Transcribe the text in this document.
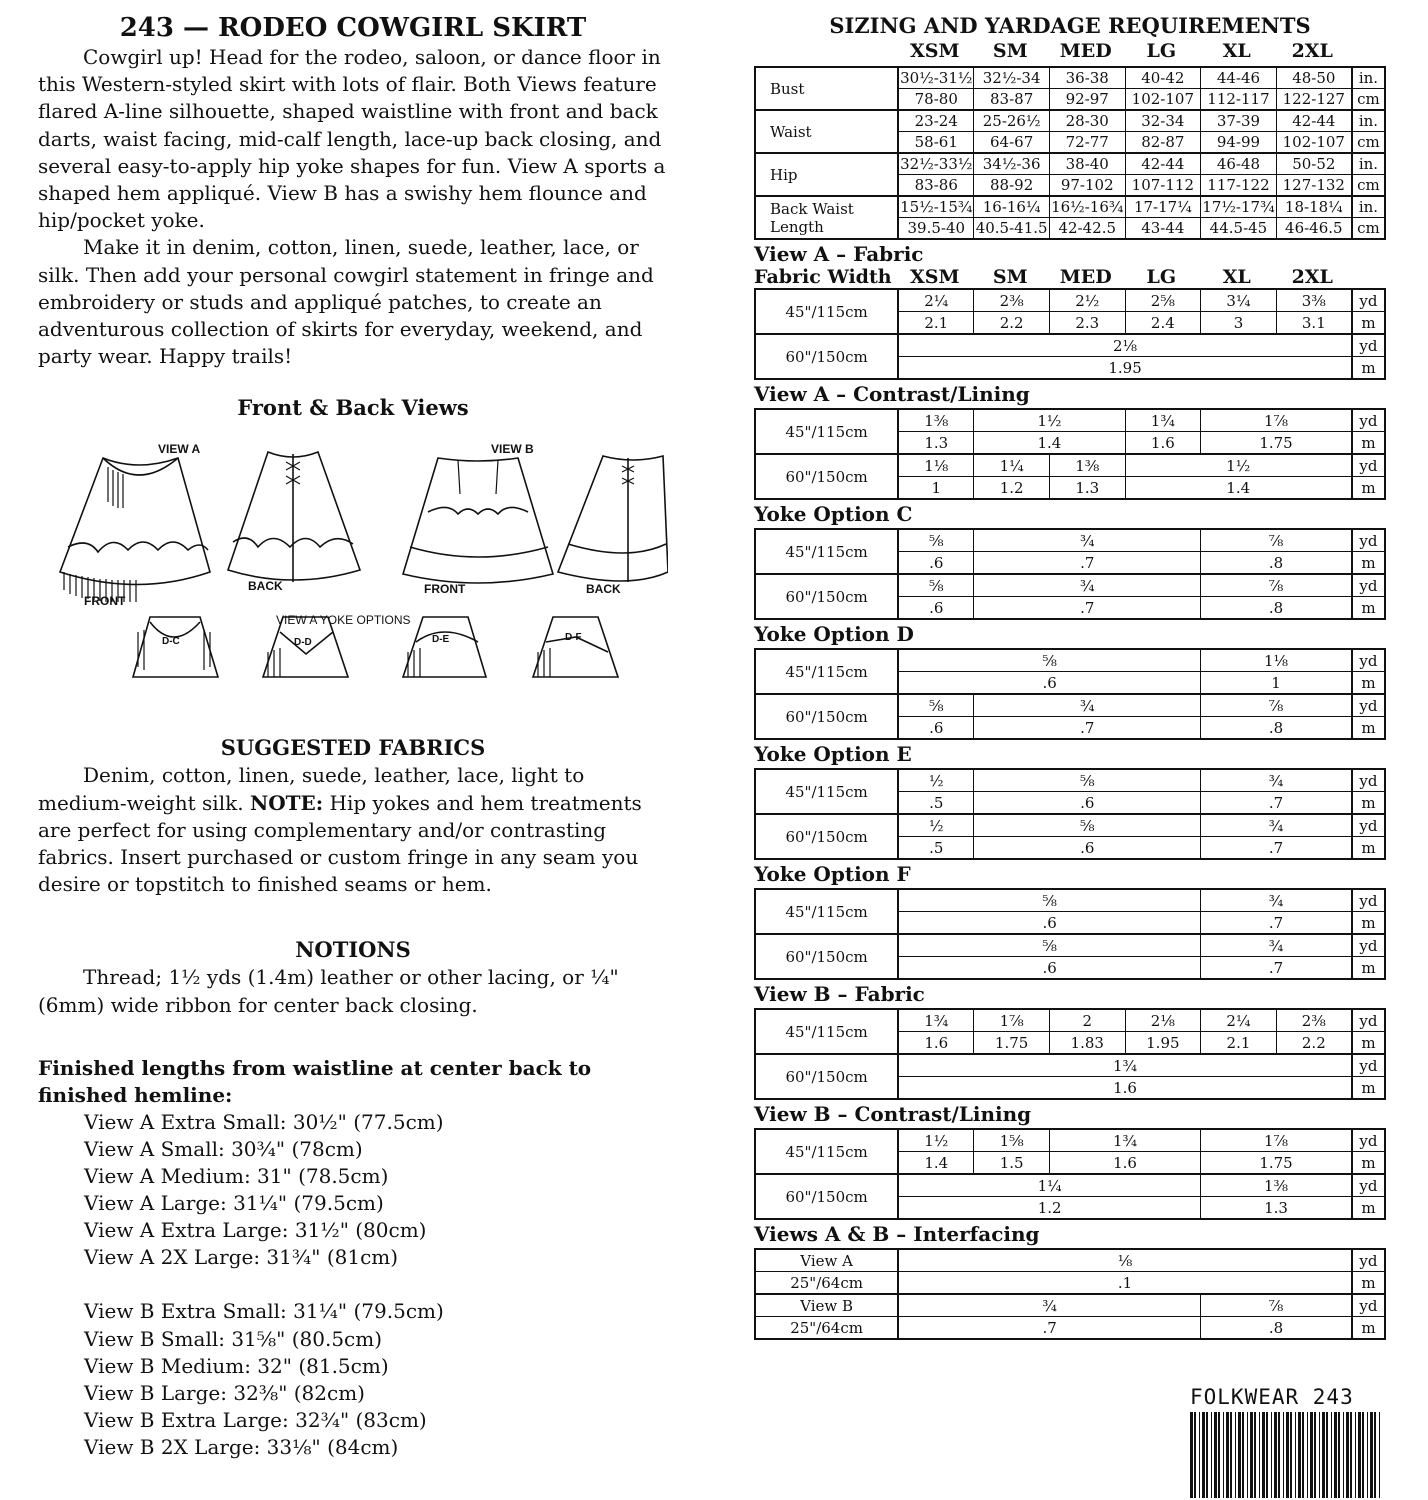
243 — RODEO COWGIRL SKIRT

Cowgirl up! Head for the rodeo, saloon, or dance floor in this Western-styled skirt with lots of flair. Both Views feature flared A-line silhouette, shaped waistline with front and back darts, waist facing, mid-calf length, lace-up back closing, and several easy-to-apply hip yoke shapes for fun. View A sports a shaped hem appliqué. View B has a swishy hem flounce and hip/pocket yoke.

Make it in denim, cotton, linen, suede, leather, lace, or silk. Then add your personal cowgirl statement in fringe and embroidery or studs and appliqué patches, to create an adventurous collection of skirts for everyday, weekend, and party wear. Happy trails!

Front & Back Views

VIEW A	VIEW B
FRONT
BACK	FRONT	BACK
VIEW A YOKE OPTIONS
D-C	D-D	D-E	D-F

SUGGESTED FABRICS

Denim, cotton, linen, suede, leather, lace, light to medium-weight silk. NOTE: Hip yokes and hem treatments are perfect for using complementary and/or contrasting fabrics. Insert purchased or custom fringe in any seam you desire or topstitch to finished seams or hem.

NOTIONS

Thread; 1½ yds (1.4m) leather or other lacing, or ¼" (6mm) wide ribbon for center back closing.

Finished lengths from waistline at center back to finished hemline:

View A Extra Small: 30½" (77.5cm)
View A Small: 30¾" (78cm)
View A Medium: 31" (78.5cm)
View A Large: 31¼" (79.5cm)
View A Extra Large: 31½" (80cm)
View A 2X Large: 31¾" (81cm)
View B Extra Small: 31¼" (79.5cm)
View B Small: 31⅝" (80.5cm)
View B Medium: 32" (81.5cm)
View B Large: 32⅜" (82cm)
View B Extra Large: 32¾" (83cm)
View B 2X Large: 33⅛" (84cm)

SIZING AND YARDAGE REQUIREMENTS

XSM SM MED LG XL 2XL
Bust	30½-31½	32½-34	36-38	40-42	44-46	48-50	in.
	78-80	83-87	92-97	102-107	112-117	122-127	cm
Waist	23-24	25-26½	28-30	32-34	37-39	42-44	in.
	58-61	64-67	72-77	82-87	94-99	102-107	cm
Hip	32½-33½	34½-36	38-40	42-44	46-48	50-52	in.
	83-86	88-92	97-102	107-112	117-122	127-132	cm
Back Waist Length	15½-15¾	16-16¼	16½-16¾	17-17¼	17½-17¾	18-18¼	in.
	39.5-40	40.5-41.5	42-42.5	43-44	44.5-45	46-46.5	cm

View A – Fabric

Fabric Width XSM SM MED LG XL 2XL
45"/115cm	2¼	2⅜	2½	2⅝	3¼	3⅜	yd
	2.1	2.2	2.3	2.4	3	3.1	m
60"/150cm	2⅛						yd
	1.95						m

View A – Contrast/Lining

45"/115cm	1⅜	1½		1¾	1⅞	yd
	1.3	1.4		1.6	1.75	m
60"/150cm	1⅛	1¼	1⅜	1½		yd
	1	1.2	1.3	1.4		m

Yoke Option C

45"/115cm	⅝	¾	⅞	yd
	.6	.7	.8	m
60"/150cm	⅝	¾	⅞	yd
	.6	.7	.8	m

Yoke Option D

45"/115cm	⅝		1⅛	yd
	.6		1	m
60"/150cm	⅝	¾	⅞	yd
	.6	.7	.8	m

Yoke Option E

45"/115cm	½	⅝	¾	yd
	.5	.6	.7	m
60"/150cm	½	⅝	¾	yd
	.5	.6	.7	m

Yoke Option F

45"/115cm	⅝	¾	yd
	.6	.7	m
60"/150cm	⅝	¾	yd
	.6	.7	m

View B – Fabric

45"/115cm	1¾	1⅞	2	2⅛	2¼	2⅜	yd
	1.6	1.75	1.83	1.95	2.1	2.2	m
60"/150cm	1¾						yd
	1.6						m

View B – Contrast/Lining

45"/115cm	1½	1⅝	1¾	1⅞	yd
	1.4	1.5	1.6	1.75	m
60"/150cm	1¼			1⅜	yd
	1.2			1.3	m

Views A & B – Interfacing

View A	⅛		yd
25"/64cm	.1		m
View B	¾	⅞	yd
25"/64cm	.7	.8	m
FOLKWEAR 243
